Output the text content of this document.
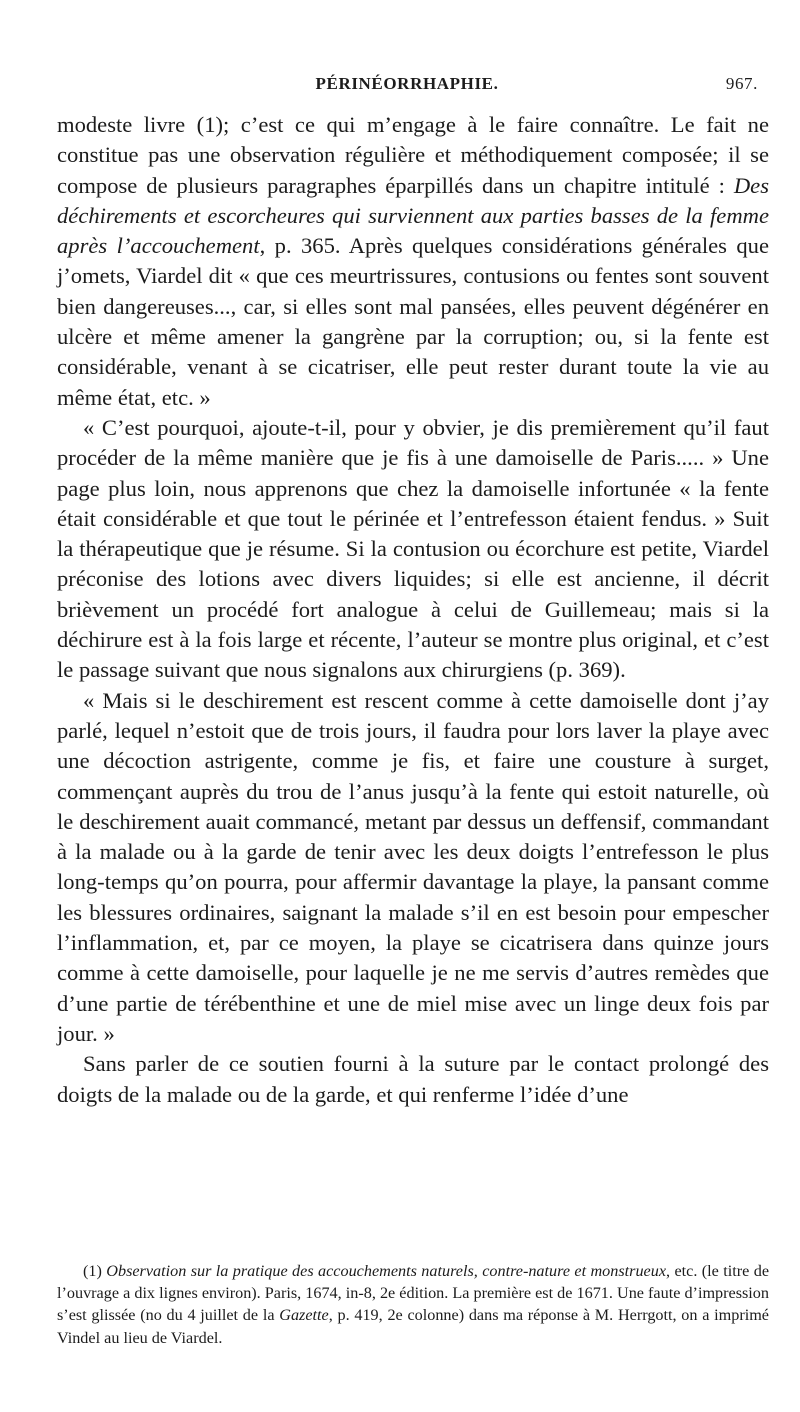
PÉRINÉORRHAPHIE.	967.

modeste livre (1); c’est ce qui m’engage à le faire connaître. Le fait ne constitue pas une observation régulière et méthodiquement composée; il se compose de plusieurs paragraphes éparpillés dans un chapitre intitulé : Des déchirements et escorcheures qui surviennent aux parties basses de la femme après l’accouchement, p. 365. Après quelques considérations générales que j’omets, Viardel dit « que ces meurtrissures, contusions ou fentes sont souvent bien dangereuses..., car, si elles sont mal pansées, elles peuvent dégénérer en ulcère et même amener la gangrène par la corruption; ou, si la fente est considérable, venant à se cicatriser, elle peut rester durant toute la vie au même état, etc. »

« C’est pourquoi, ajoute-t-il, pour y obvier, je dis premièrement qu’il faut procéder de la même manière que je fis à une damoiselle de Paris..... » Une page plus loin, nous apprenons que chez la damoiselle infortunée « la fente était considérable et que tout le périnée et l’entrefesson étaient fendus. » Suit la thérapeutique que je résume. Si la contusion ou écorchure est petite, Viardel préconise des lotions avec divers liquides; si elle est ancienne, il décrit brièvement un procédé fort analogue à celui de Guillemeau; mais si la déchirure est à la fois large et récente, l’auteur se montre plus original, et c’est le passage suivant que nous signalons aux chirurgiens (p. 369).

« Mais si le deschirement est rescent comme à cette damoiselle dont j’ay parlé, lequel n’estoit que de trois jours, il faudra pour lors laver la playe avec une décoction astrigente, comme je fis, et faire une cousture à surget, commençant auprès du trou de l’anus jusqu’à la fente qui estoit naturelle, où le deschirement auait commancé, metant par dessus un deffensif, commandant à la malade ou à la garde de tenir avec les deux doigts l’entrefesson le plus long-temps qu’on pourra, pour affermir davantage la playe, la pansant comme les blessures ordinaires, saignant la malade s’il en est besoin pour empescher l’inflammation, et, par ce moyen, la playe se cicatrisera dans quinze jours comme à cette damoiselle, pour laquelle je ne me servis d’autres remèdes que d’une partie de térébenthine et une de miel mise avec un linge deux fois par jour. »

Sans parler de ce soutien fourni à la suture par le contact prolongé des doigts de la malade ou de la garde, et qui renferme l’idée d’une

(1) Observation sur la pratique des accouchements naturels, contre-nature et monstrueux, etc. (le titre de l’ouvrage a dix lignes environ). Paris, 1674, in-8, 2e édition. La première est de 1671. Une faute d’impression s’est glissée (no du 4 juillet de la Gazette, p. 419, 2e colonne) dans ma réponse à M. Herrgott, on a imprimé Vindel au lieu de Viardel.
